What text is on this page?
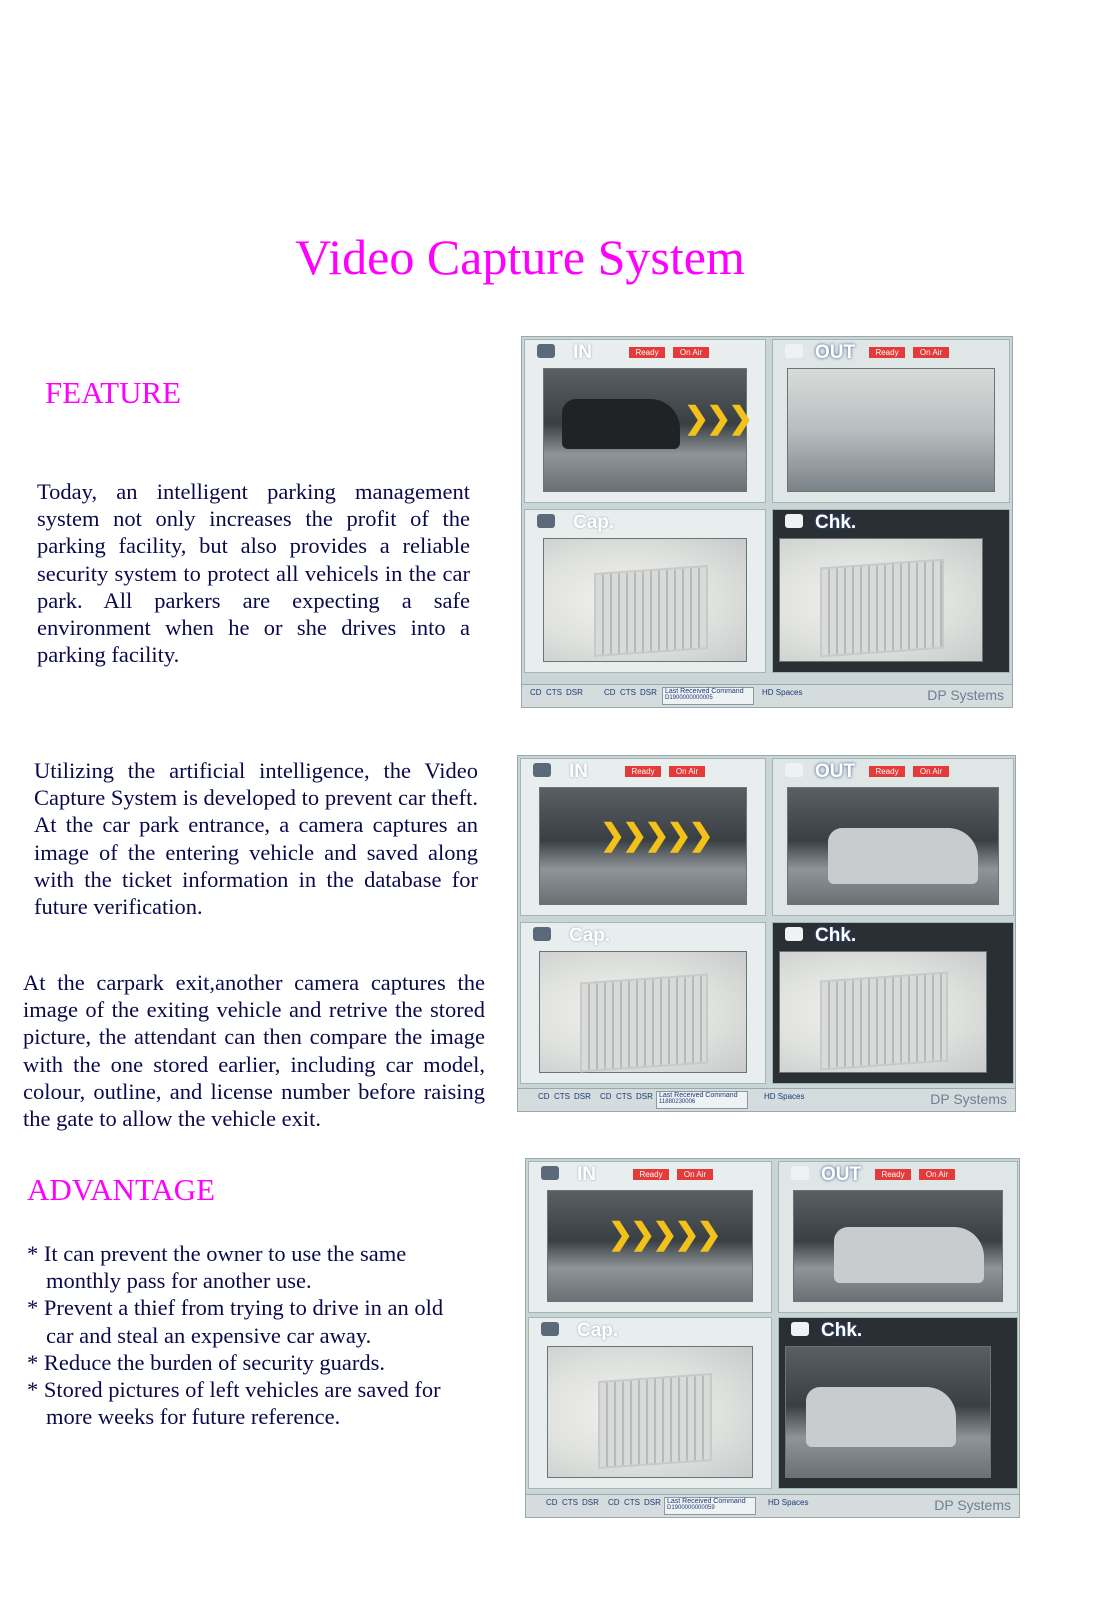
Video Capture System
FEATURE

Today, an intelligent parking management system not only increases the profit of the parking facility, but also provides a reliable security system to protect all vehicels in the car park. All parkers are expecting a safe environment when he or she drives into a parking facility.

Utilizing the artificial intelligence, the Video Capture System is developed to prevent car theft. At the car park entrance, a camera captures an image of the entering vehicle and saved along with the ticket information in the database for future verification.

At the carpark exit,another camera captures the image of the exiting vehicle and retrive the stored picture, the attendant can then compare the image with the one stored earlier, including car model, colour, outline, and license number before raising the gate to allow the vehicle exit.

ADVANTAGE
* It can prevent the owner to use the same monthly pass for another use.
* Prevent a thief from trying to drive in an old car and steal an expensive car away.
* Reduce the burden of security guards.
* Stored pictures of left vehicles are saved for more weeks for future reference.
IN	Ready	On Air
❯❯❯
OUT	Ready	On Air
Cap.	Chk.
CD CTS DSR	CD CTS DSR Last Received Command
D1900000000005
HD Spaces	DP Systems
IN	Ready	On Air
❯❯❯❯❯
OUT	Ready	On Air
Cap.	Chk.
CD CTS DSR CD CTS DSR Last Received Command
11880230006
HD Spaces	DP Systems
IN	Ready	On Air
❯❯❯❯❯
OUT	Ready	On Air
Cap.	Chk.
CD CTS DSR CD CTS DSR Last Received Command
D1900000000059
HD Spaces	DP Systems
